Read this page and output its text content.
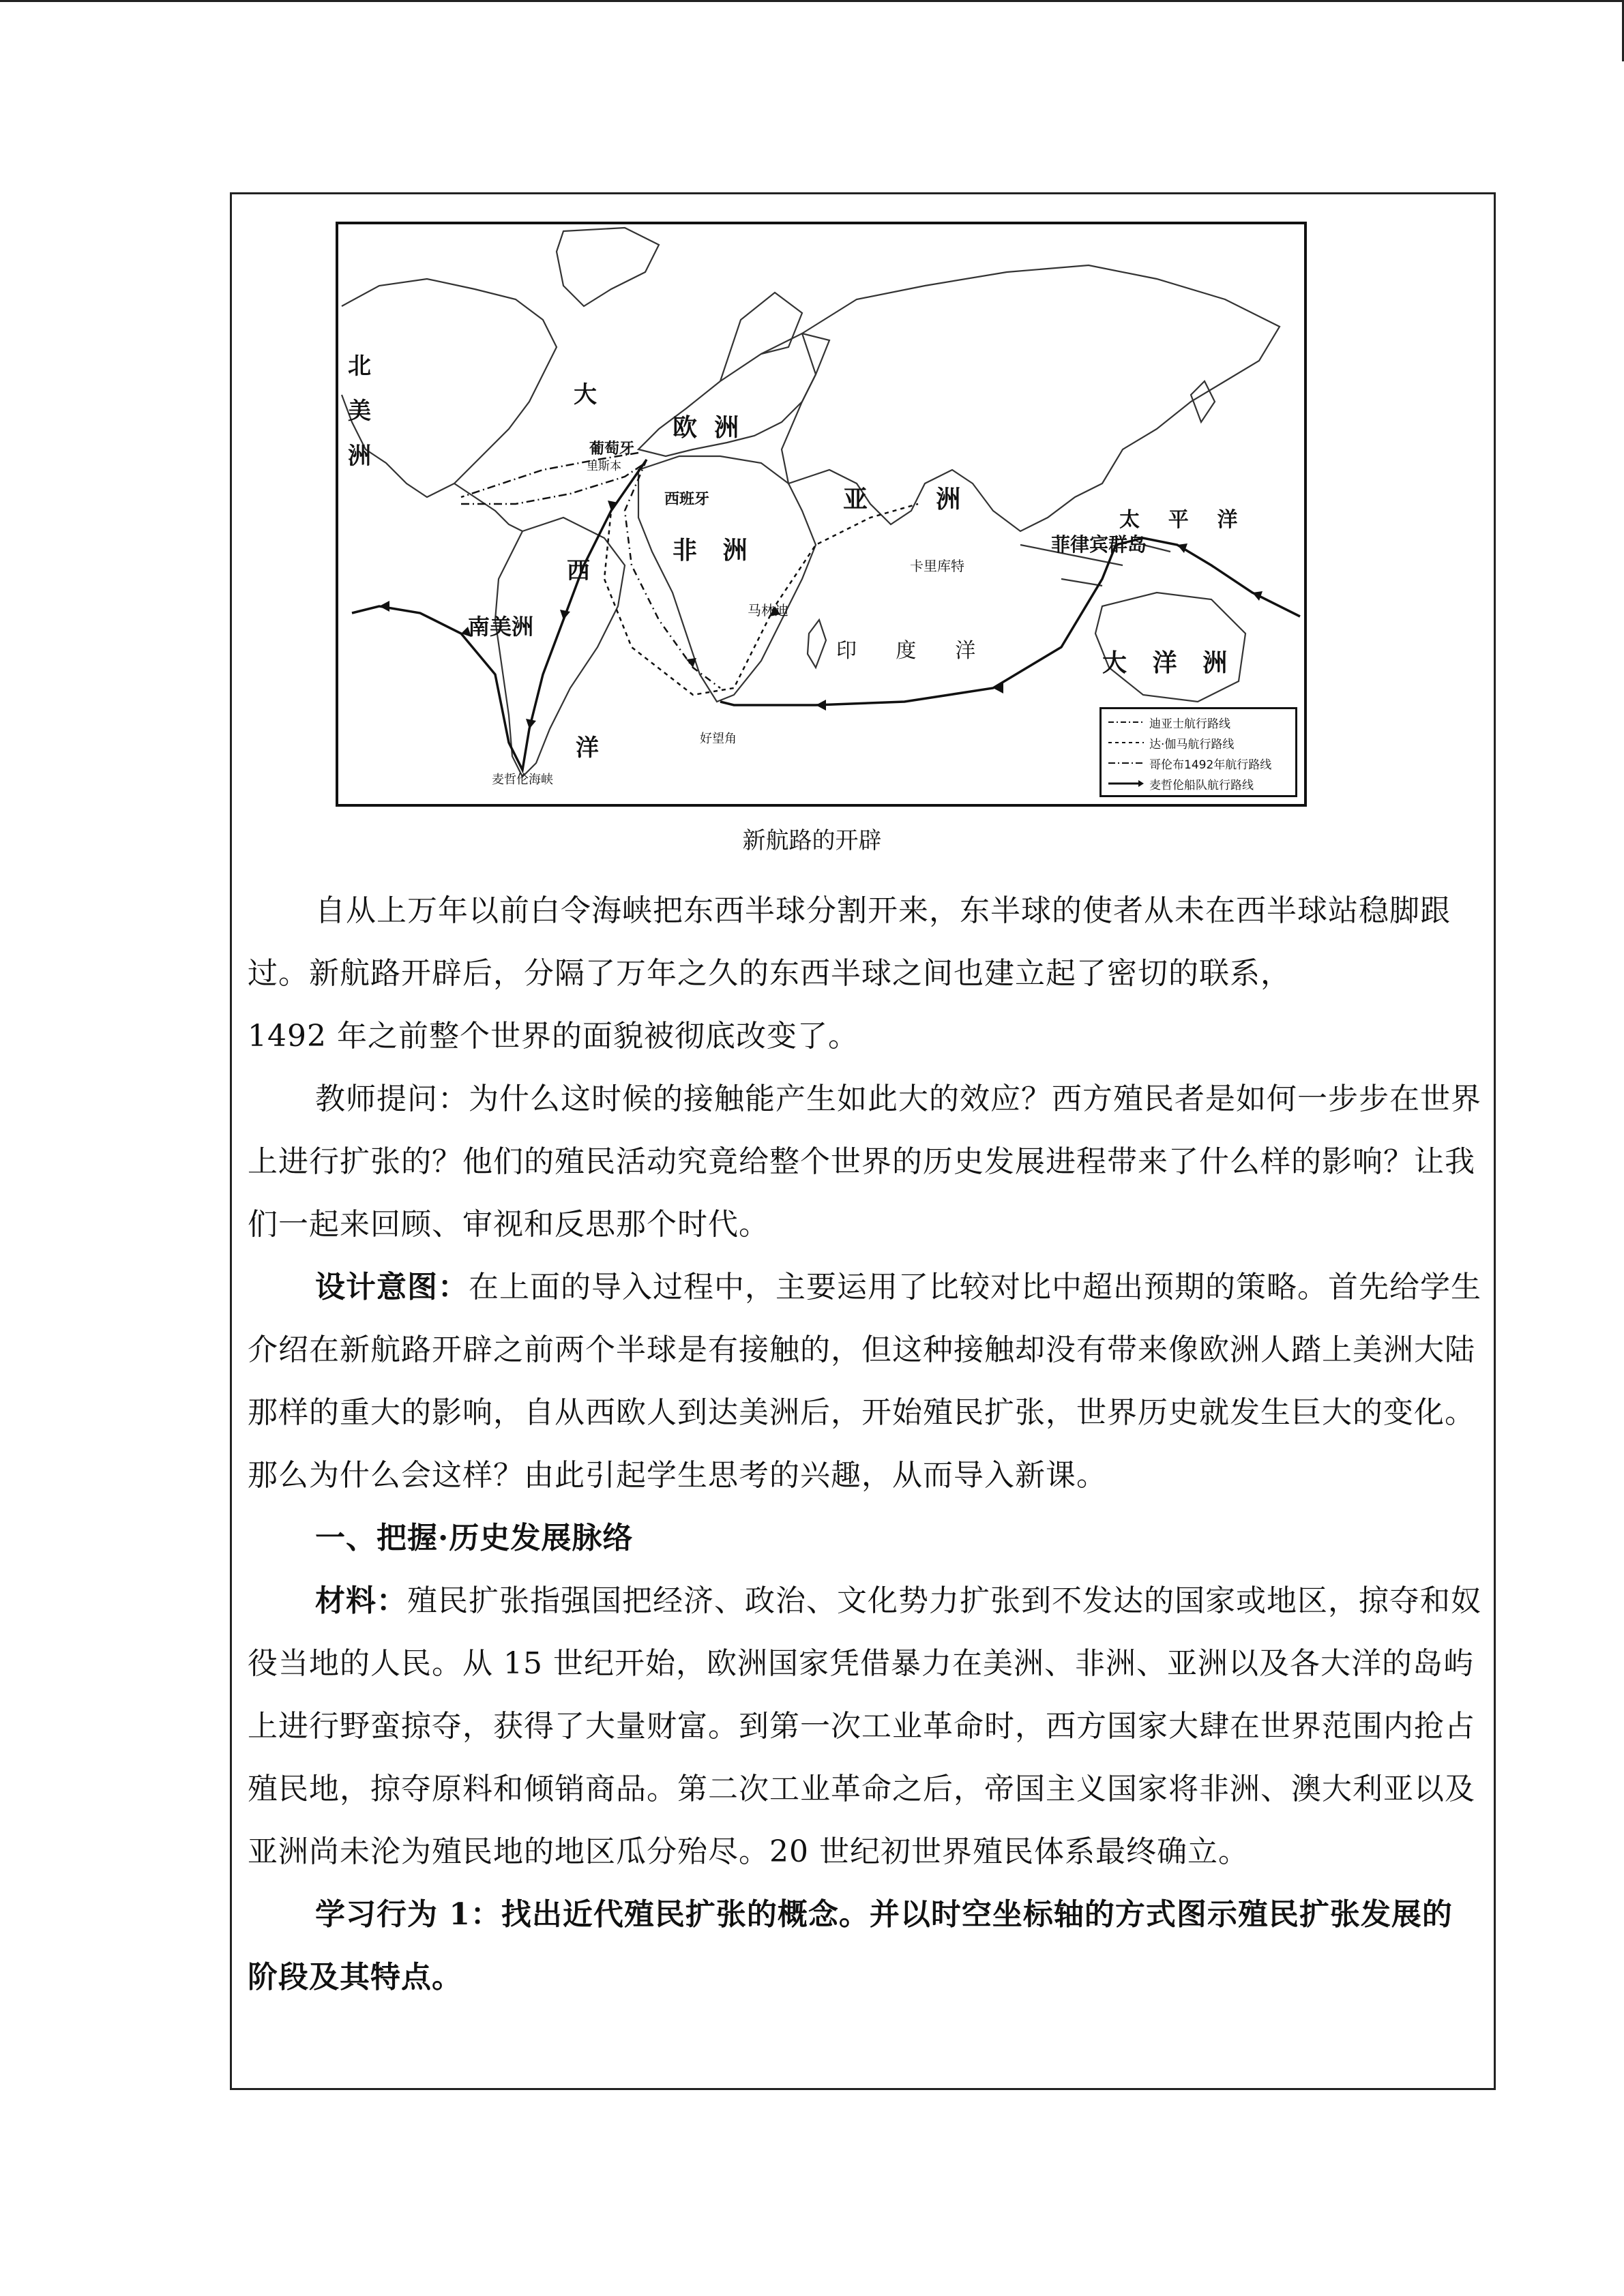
北
美
洲
大
西
洋
欧  洲
亚        洲
非   洲
南美洲
太    平    洋
大   洋   洲
印      度      洋
菲律宾群岛
葡萄牙
里斯本
西班牙
卡里库特
马林迪
好望角
麦哲伦海峡
迪亚士航行路线
达·伽马航行路线
哥伦布1492年航行路线
麦哲伦船队航行路线
新航路的开辟

自从上万年以前白令海峡把东西半球分割开来，东半球的使者从未在西半球站稳脚跟过。新航路开辟后，分隔了万年之久的东西半球之间也建立起了密切的联系，

1492 年之前整个世界的面貌被彻底改变了。

教师提问：为什么这时候的接触能产生如此大的效应？西方殖民者是如何一步步在世界上进行扩张的？他们的殖民活动究竟给整个世界的历史发展进程带来了什么样的影响？让我们一起来回顾、审视和反思那个时代。

设计意图：在上面的导入过程中，主要运用了比较对比中超出预期的策略。首先给学生介绍在新航路开辟之前两个半球是有接触的，但这种接触却没有带来像欧洲人踏上美洲大陆那样的重大的影响，自从西欧人到达美洲后，开始殖民扩张，世界历史就发生巨大的变化。那么为什么会这样？由此引起学生思考的兴趣，从而导入新课。

一、把握·历史发展脉络

材料：殖民扩张指强国把经济、政治、文化势力扩张到不发达的国家或地区，掠夺和奴役当地的人民。从 15 世纪开始，欧洲国家凭借暴力在美洲、非洲、亚洲以及各大洋的岛屿上进行野蛮掠夺，获得了大量财富。到第一次工业革命时，西方国家大肆在世界范围内抢占殖民地，掠夺原料和倾销商品。第二次工业革命之后，帝国主义国家将非洲、澳大利亚以及亚洲尚未沦为殖民地的地区瓜分殆尽。20 世纪初世界殖民体系最终确立。

学习行为 1：找出近代殖民扩张的概念。并以时空坐标轴的方式图示殖民扩张发展的阶段及其特点。
